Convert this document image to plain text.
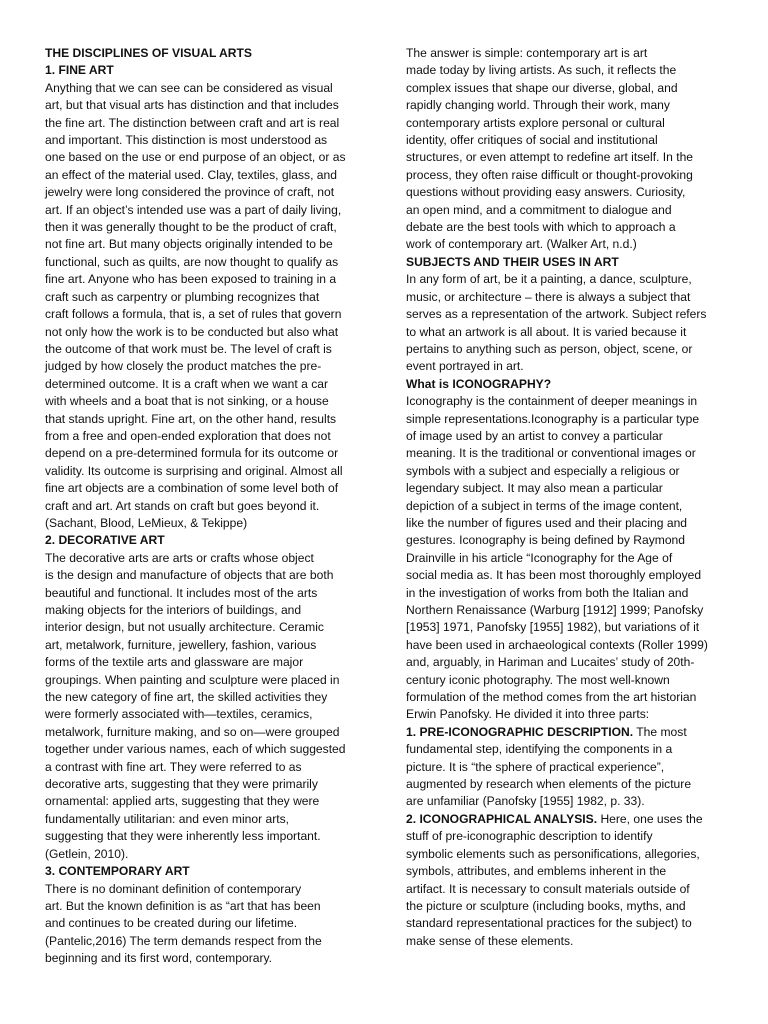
THE DISCIPLINES OF VISUAL ARTS
1. FINE ART
Anything that we can see can be considered as visual
art, but that visual arts has distinction and that includes
the fine art. The distinction between craft and art is real
and important. This distinction is most understood as
one based on the use or end purpose of an object, or as
an effect of the material used. Clay, textiles, glass, and
jewelry were long considered the province of craft, not
art. If an object’s intended use was a part of daily living,
then it was generally thought to be the product of craft,
not fine art. But many objects originally intended to be
functional, such as quilts, are now thought to qualify as
fine art. Anyone who has been exposed to training in a
craft such as carpentry or plumbing recognizes that
craft follows a formula, that is, a set of rules that govern
not only how the work is to be conducted but also what
the outcome of that work must be. The level of craft is
judged by how closely the product matches the pre-
determined outcome. It is a craft when we want a car
with wheels and a boat that is not sinking, or a house
that stands upright. Fine art, on the other hand, results
from a free and open-ended exploration that does not
depend on a pre-determined formula for its outcome or
validity. Its outcome is surprising and original. Almost all
fine art objects are a combination of some level both of
craft and art. Art stands on craft but goes beyond it.
(Sachant, Blood, LeMieux, & Tekippe)
2. DECORATIVE ART
The decorative arts are arts or crafts whose object
is the design and manufacture of objects that are both
beautiful and functional. It includes most of the arts
making objects for the interiors of buildings, and
interior design, but not usually architecture. Ceramic
art, metalwork, furniture, jewellery, fashion, various
forms of the textile arts and glassware are major
groupings. When painting and sculpture were placed in
the new category of fine art, the skilled activities they
were formerly associated with—textiles, ceramics,
metalwork, furniture making, and so on—were grouped
together under various names, each of which suggested
a contrast with fine art. They were referred to as
decorative arts, suggesting that they were primarily
ornamental: applied arts, suggesting that they were
fundamentally utilitarian: and even minor arts,
suggesting that they were inherently less important.
(Getlein, 2010).
3. CONTEMPORARY ART
There is no dominant definition of contemporary
art. But the known definition is as “art that has been
and continues to be created during our lifetime.
(Pantelic,2016) The term demands respect from the
beginning and its first word, contemporary.
The answer is simple: contemporary art is art
made today by living artists. As such, it reflects the
complex issues that shape our diverse, global, and
rapidly changing world. Through their work, many
contemporary artists explore personal or cultural
identity, offer critiques of social and institutional
structures, or even attempt to redefine art itself. In the
process, they often raise difficult or thought-provoking
questions without providing easy answers. Curiosity,
an open mind, and a commitment to dialogue and
debate are the best tools with which to approach a
work of contemporary art. (Walker Art, n.d.)
SUBJECTS AND THEIR USES IN ART
In any form of art, be it a painting, a dance, sculpture,
music, or architecture – there is always a subject that
serves as a representation of the artwork. Subject refers
to what an artwork is all about. It is varied because it
pertains to anything such as person, object, scene, or
event portrayed in art.
What is ICONOGRAPHY?
Iconography is the containment of deeper meanings in
simple representations.Iconography is a particular type
of image used by an artist to convey a particular
meaning. It is the traditional or conventional images or
symbols with a subject and especially a religious or
legendary subject. It may also mean a particular
depiction of a subject in terms of the image content,
like the number of figures used and their placing and
gestures. Iconography is being defined by Raymond
Drainville in his article “Iconography for the Age of
social media as. It has been most thoroughly employed
in the investigation of works from both the Italian and
Northern Renaissance (Warburg [1912] 1999; Panofsky
[1953] 1971, Panofsky [1955] 1982), but variations of it
have been used in archaeological contexts (Roller 1999)
and, arguably, in Hariman and Lucaites’ study of 20th-
century iconic photography. The most well-known
formulation of the method comes from the art historian
Erwin Panofsky. He divided it into three parts:
1. PRE-ICONOGRAPHIC DESCRIPTION. The most
fundamental step, identifying the components in a
picture. It is “the sphere of practical experience”,
augmented by research when elements of the picture
are unfamiliar (Panofsky [1955] 1982, p. 33).
2. ICONOGRAPHICAL ANALYSIS. Here, one uses the
stuff of pre-iconographic description to identify
symbolic elements such as personifications, allegories,
symbols, attributes, and emblems inherent in the
artifact. It is necessary to consult materials outside of
the picture or sculpture (including books, myths, and
standard representational practices for the subject) to
make sense of these elements.
